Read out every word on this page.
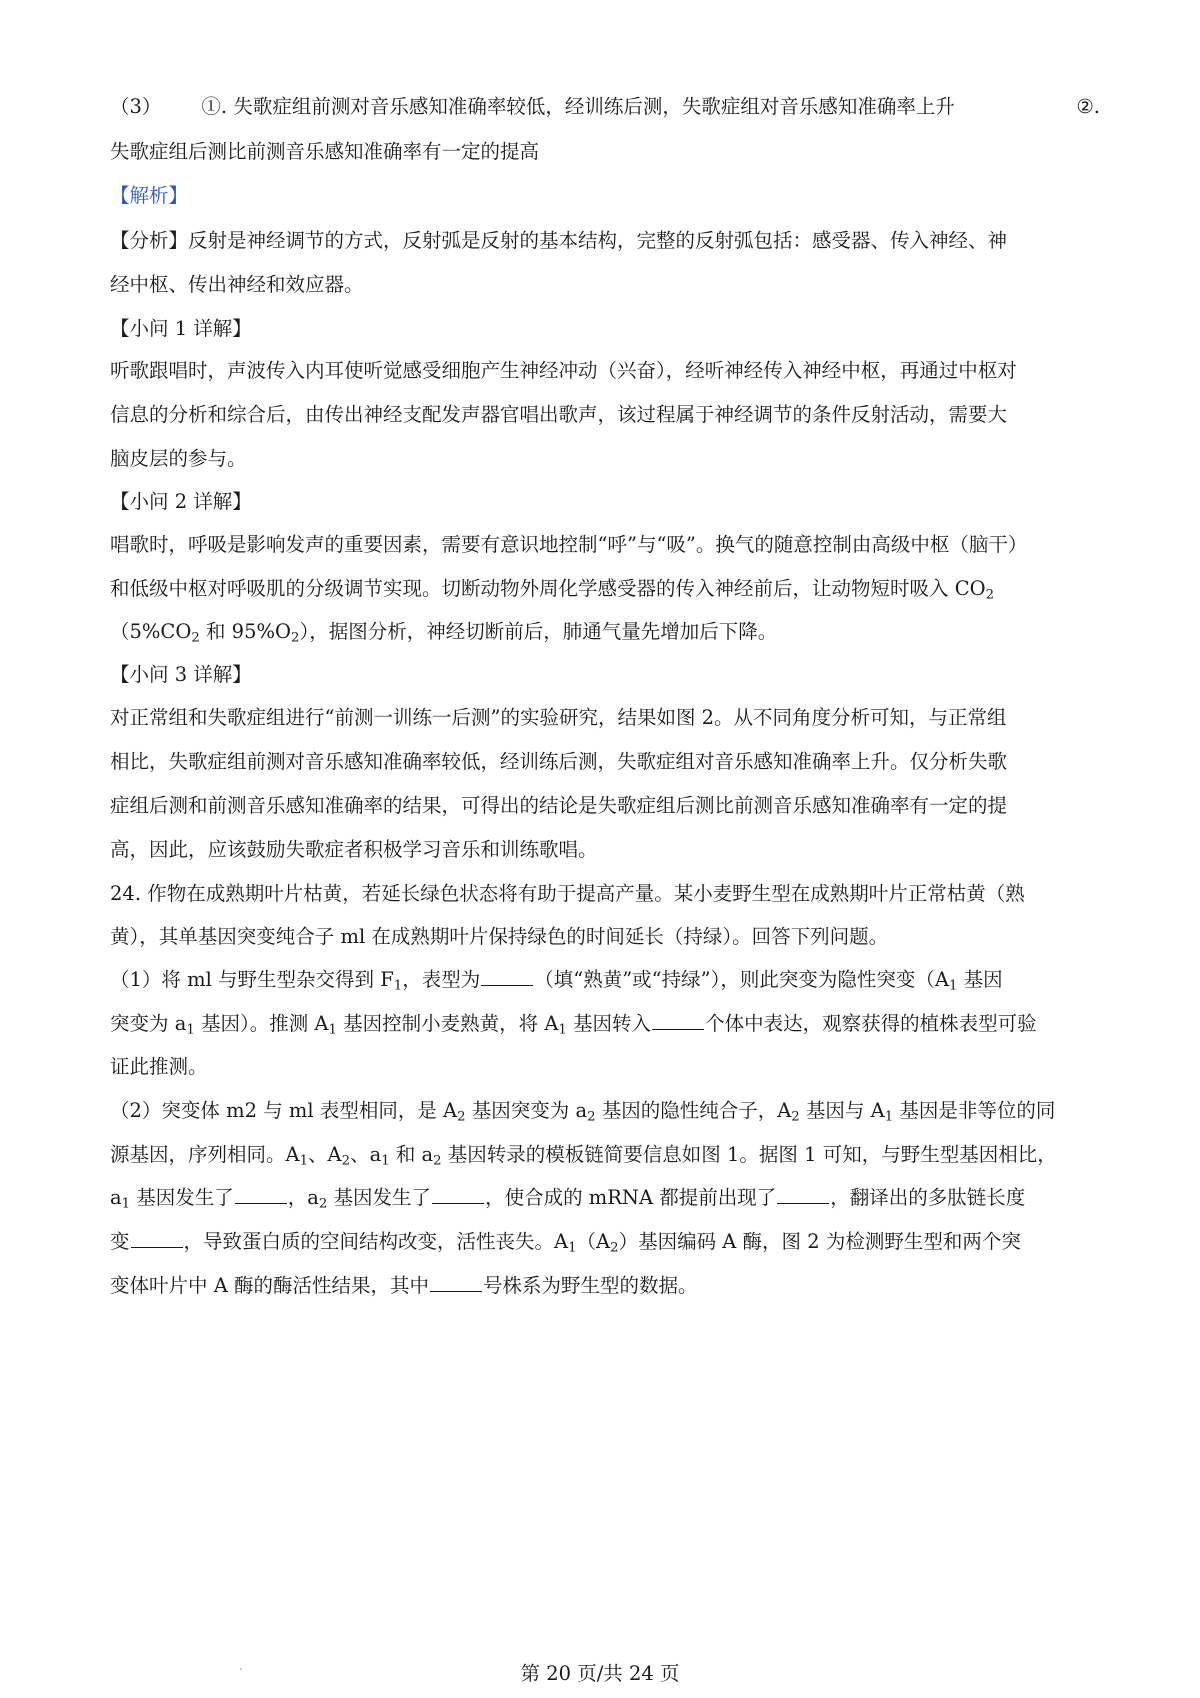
（3） ①. 失歌症组前测对音乐感知准确率较低，经训练后测，失歌症组对音乐感知准确率上升	②.
失歌症组后测比前测音乐感知准确率有一定的提高
【解析】
【分析】反射是神经调节的方式，反射弧是反射的基本结构，完整的反射弧包括：感受器、传入神经、神
经中枢、传出神经和效应器。
【小问 1 详解】
听歌跟唱时，声波传入内耳使听觉感受细胞产生神经冲动（兴奋），经听神经传入神经中枢，再通过中枢对
信息的分析和综合后，由传出神经支配发声器官唱出歌声，该过程属于神经调节的条件反射活动，需要大
脑皮层的参与。
【小问 2 详解】
唱歌时，呼吸是影响发声的重要因素，需要有意识地控制“呼”与“吸”。换气的随意控制由高级中枢（脑干）
和低级中枢对呼吸肌的分级调节实现。切断动物外周化学感受器的传入神经前后，让动物短时吸入 $CO_2$
（$5\%CO_2$ 和 $95\%O_2$），据图分析，神经切断前后，肺通气量先增加后下降。
【小问 3 详解】
对正常组和失歌症组进行“前测一训练一后测”的实验研究，结果如图 2。从不同角度分析可知，与正常组
相比，失歌症组前测对音乐感知准确率较低，经训练后测，失歌症组对音乐感知准确率上升。仅分析失歌
症组后测和前测音乐感知准确率的结果，可得出的结论是失歌症组后测比前测音乐感知准确率有一定的提
高，因此，应该鼓励失歌症者积极学习音乐和训练歌唱。
24. 作物在成熟期叶片枯黄，若延长绿色状态将有助于提高产量。某小麦野生型在成熟期叶片正常枯黄（熟
黄），其单基因突变纯合子 ml 在成熟期叶片保持绿色的时间延长（持绿）。回答下列问题。
（1）将 ml 与野生型杂交得到 $F_1$，表型为	（填“熟黄”或“持绿”），则此突变为隐性突变（$A_1$ 基因
突变为 $a_1$ 基因）。推测 $A_1$ 基因控制小麦熟黄，将 $A_1$ 基因转入	个体中表达，观察获得的植株表型可验
证此推测。
（2）突变体 m2 与 ml 表型相同，是 $A_2$ 基因突变为 $a_2$ 基因的隐性纯合子，$A_2$ 基因与 $A_1$ 基因是非等位的同
源基因，序列相同。$A_1$、$A_2$、$a_1$ 和 $a_2$ 基因转录的模板链简要信息如图 1。据图 1 可知，与野生型基因相比，
$a_1$ 基因发生了	，$a_2$ 基因发生了	，使合成的 mRNA 都提前出现了	，翻译出的多肽链长度
变	，导致蛋白质的空间结构改变，活性丧失。$A_1(A_2)$基因编码 A 酶，图 2 为检测野生型和两个突
变体叶片中 A 酶的酶活性结果，其中	号株系为野生型的数据。
第 20 页/共 24 页
